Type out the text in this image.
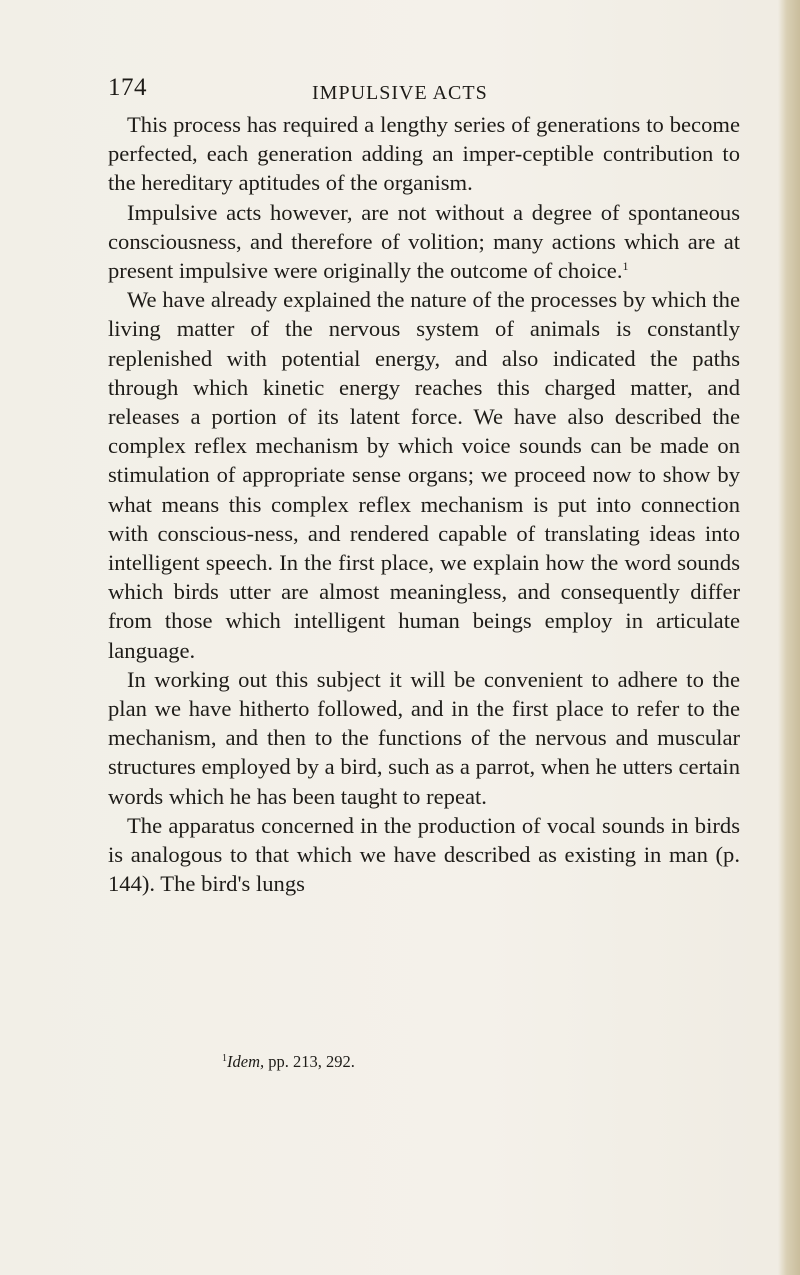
174	IMPULSIVE ACTS

This process has required a lengthy series of generations to become perfected, each generation adding an imper-ceptible contribution to the hereditary aptitudes of the organism.

Impulsive acts however, are not without a degree of spontaneous consciousness, and therefore of volition; many actions which are at present impulsive were originally the outcome of choice.$^1$

We have already explained the nature of the processes by which the living matter of the nervous system of animals is constantly replenished with potential energy, and also indicated the paths through which kinetic energy reaches this charged matter, and releases a portion of its latent force. We have also described the complex reflex mechanism by which voice sounds can be made on stimulation of appropriate sense organs; we proceed now to show by what means this complex reflex mechanism is put into connection with conscious-ness, and rendered capable of translating ideas into intelligent speech. In the first place, we explain how the word sounds which birds utter are almost meaningless, and consequently differ from those which intelligent human beings employ in articulate language.

In working out this subject it will be convenient to adhere to the plan we have hitherto followed, and in the first place to refer to the mechanism, and then to the functions of the nervous and muscular structures employed by a bird, such as a parrot, when he utters certain words which he has been taught to repeat.

The apparatus concerned in the production of vocal sounds in birds is analogous to that which we have described as existing in man (p. 144). The bird's lungs

$^1$Idem, pp. 213, 292.
